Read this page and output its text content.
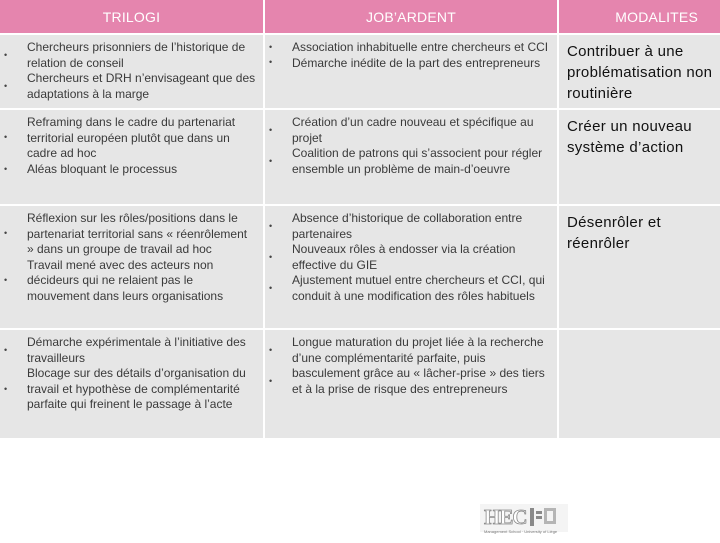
TRILOGI	JOB’ARDENT	MODALITES
•
Chercheurs prisonniers de l’historique de relation de conseil
•
Chercheurs et DRH n’envisageant que des adaptations à la marge
• Association inhabituelle entre chercheurs et CCI
• Démarche inédite de la part des entrepreneurs
Contribuer à une problématisation non routinière
•
Reframing dans le cadre du partenariat territorial européen plutôt que dans un cadre ad hoc
• Aléas bloquant le processus
•
Création d’un cadre nouveau et spécifique au projet
•
Coalition de patrons qui s’associent pour régler ensemble un problème de main-d’oeuvre
Créer un nouveau système d’action
•
Réflexion sur les rôles/positions dans le partenariat territorial sans « réenrôlement » dans un groupe de travail ad hoc
•
Travail mené avec des acteurs non décideurs qui ne relaient pas le mouvement dans leurs organisations
•
Absence d’historique de collaboration entre partenaires
•
Nouveaux rôles à endosser via la création effective du GIE
•
Ajustement mutuel entre chercheurs et CCI, qui conduit à une modification des rôles habituels
Désenrôler et réenrôler
•
Démarche expérimentale à l’initiative des travailleurs
•
Blocage sur des détails d’organisation du travail et hypothèse de complémentarité parfaite qui freinent le passage à l’acte
•
Longue maturation du projet liée à la recherche d’une complémentarité parfaite, puis
•
basculement grâce au « lâcher-prise » des tiers et à la prise de risque des entrepreneurs
HEC
Management School · University of Liège
